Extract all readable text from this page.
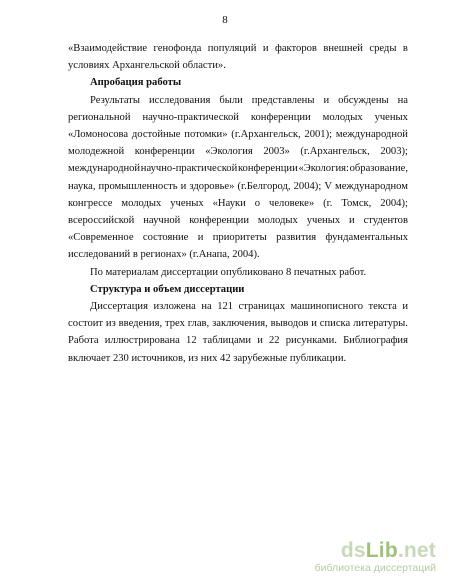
8
«Взаимодействие генофонда популяций и факторов внешней среды в
условиях Архангельской области».
Апробация работы
Результаты исследования были представлены и обсуждены на
региональной научно-практической конференции молодых ученых
«Ломоносова достойные потомки» (г.Архангельск, 2001); международной
молодежной конференции «Экология 2003» (г.Архангельск, 2003);
международной научно-практической конференции «Экология: образование,
наука, промышленность и здоровье» (г.Белгород, 2004); V международном
конгрессе молодых ученых «Науки о человеке» (г. Томск, 2004);
всероссийской научной конференции молодых ученых и студентов
«Современное состояние и приоритеты развития фундаментальных
исследований в регионах» (г.Анапа, 2004).
По материалам диссертации опубликовано 8 печатных работ.
Структура и объем диссертации
Диссертация изложена на 121 страницах машинописного текста и
состоит из введения, трех глав, заключения, выводов и списка литературы.
Работа иллюстрирована 12 таблицами и 22 рисунками. Библиография
включает 230 источников, из них 42 зарубежные публикации.
dsLib.net
библиотека диссертаций
